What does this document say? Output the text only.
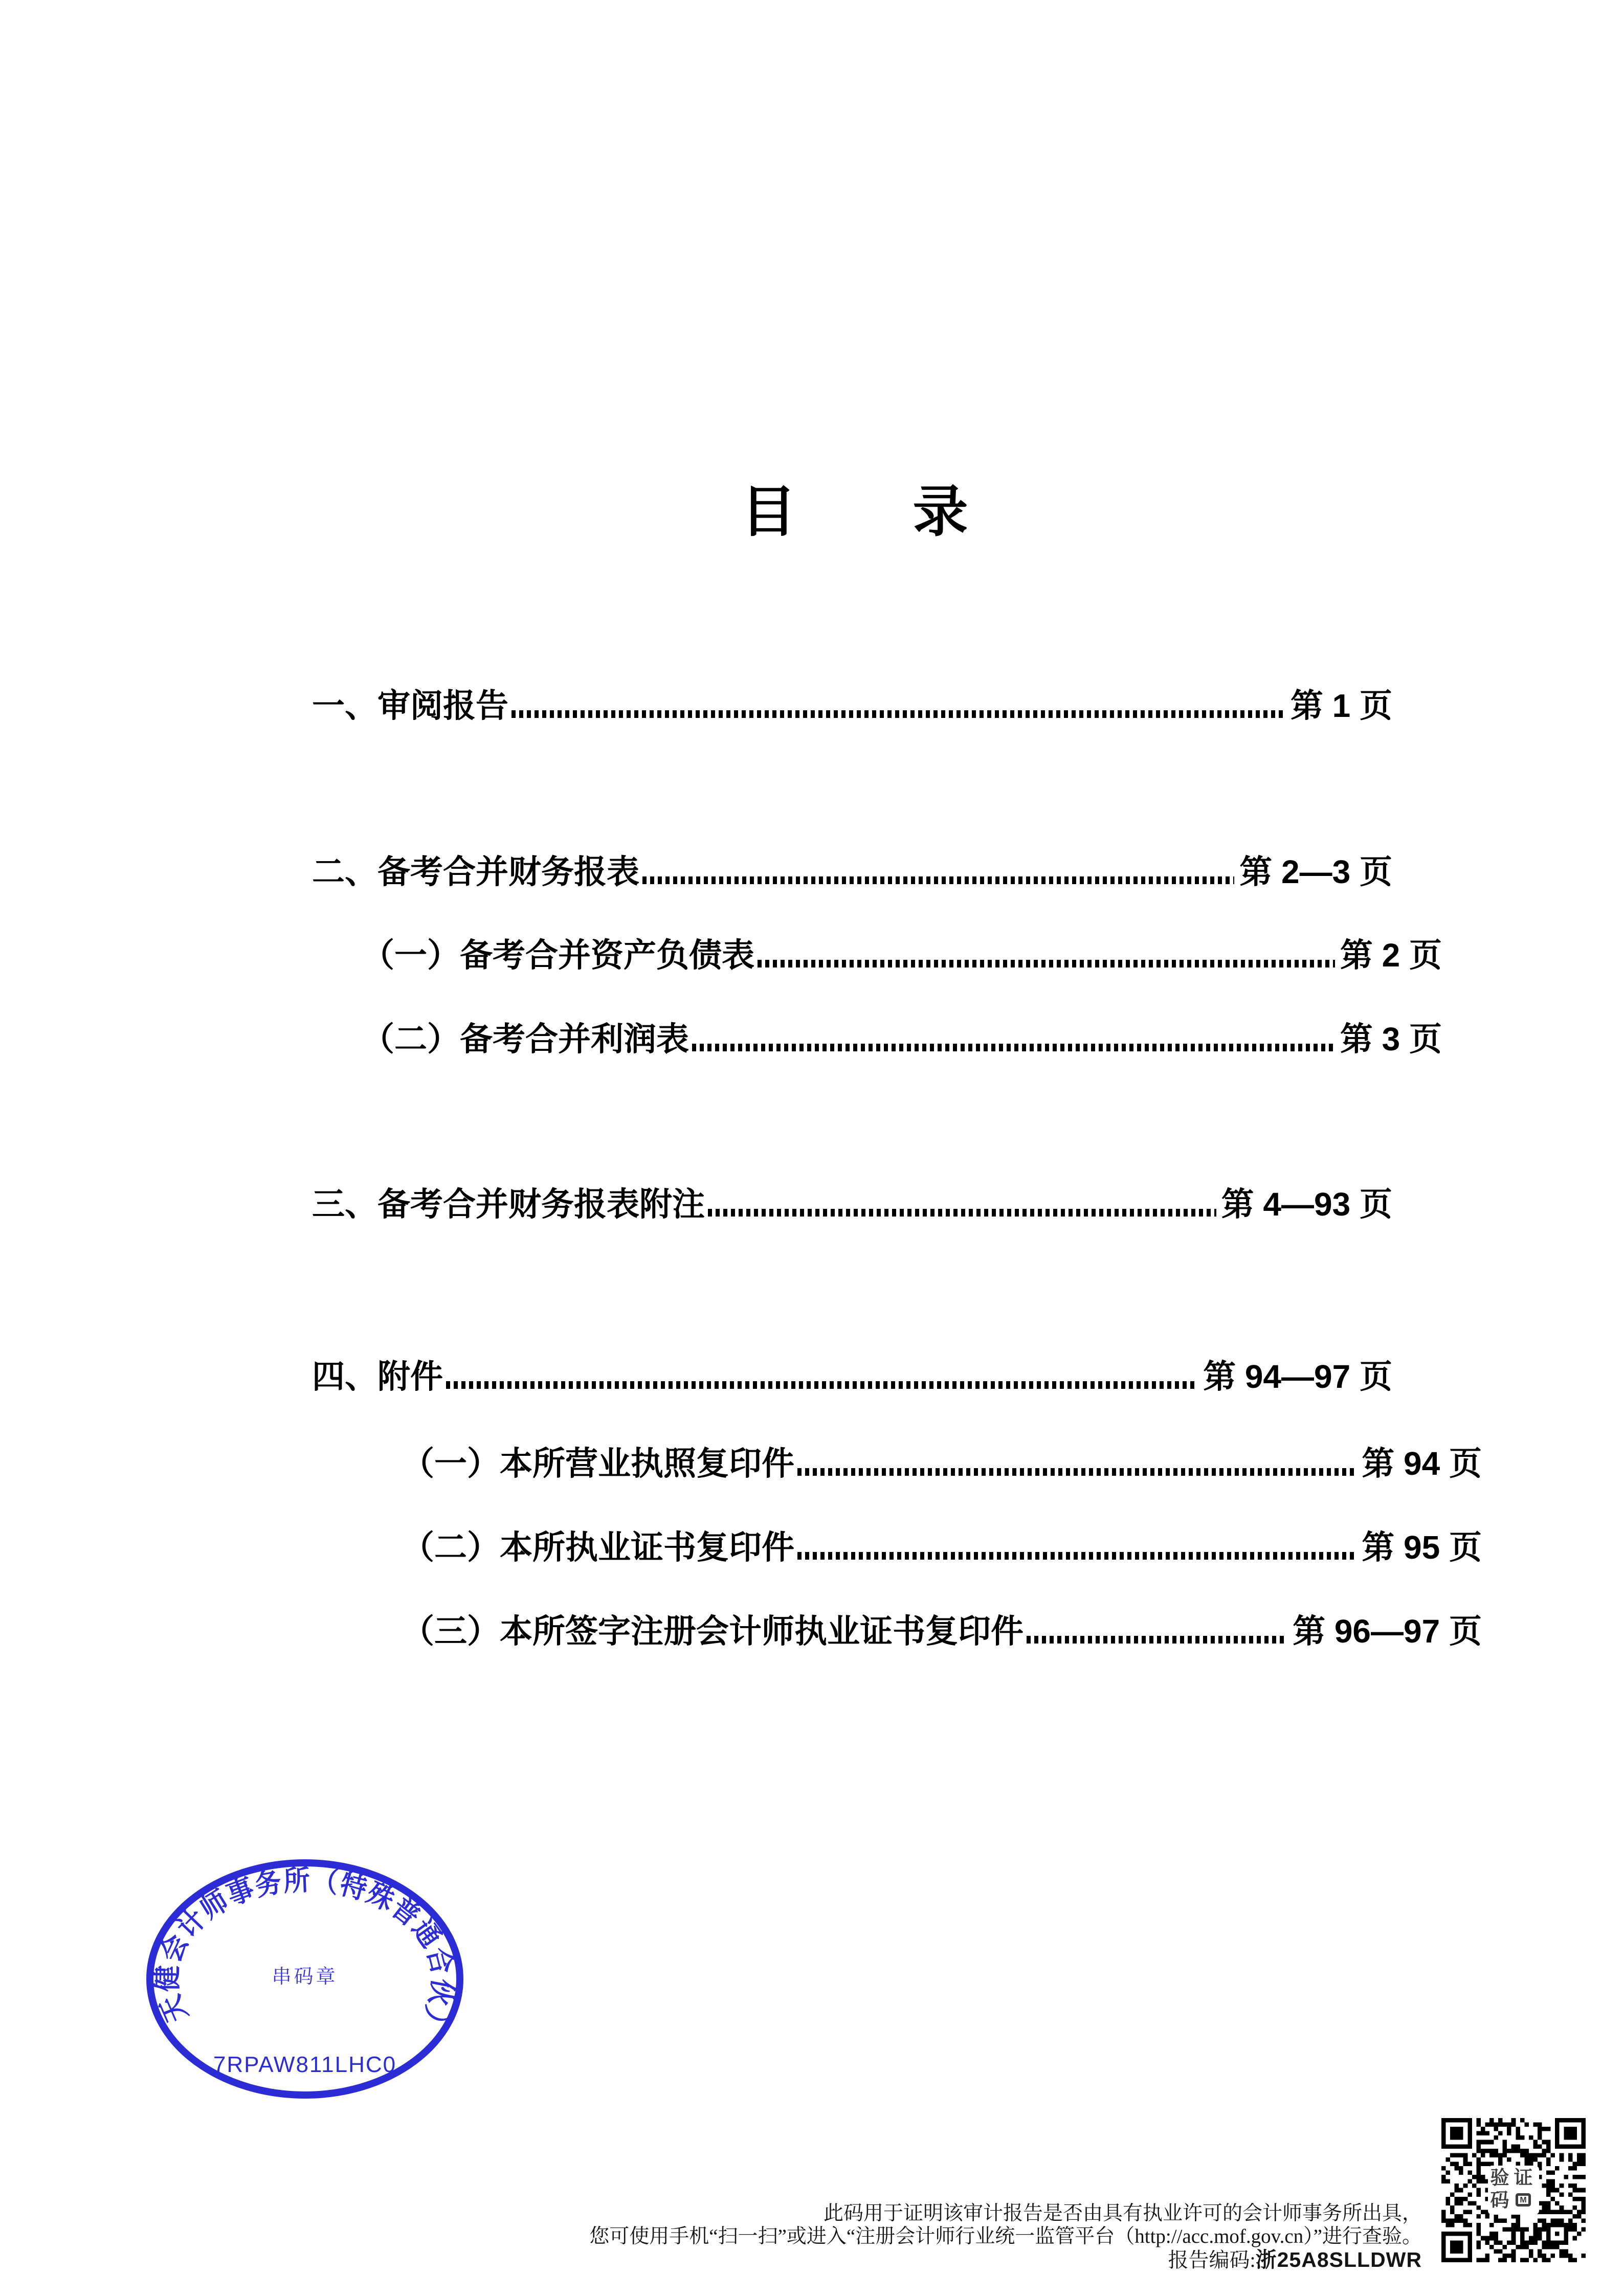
目　　录
一、审阅报告	第 1 页
二、备考合并财务报表	第 2—3 页
（一）备考合并资产负债表	第 2 页
（二）备考合并利润表	第 3 页
三、备考合并财务报表附注	第 4—93 页
四、附件	第 94—97 页
（一）本所营业执照复印件	第 94 页
（二）本所执业证书复印件	第 95 页
（三）本所签字注册会计师执业证书复印件	第 96—97 页
天健会计师事务所（特殊普通合伙）
串码章
7RPAW811LHC0
此码用于证明该审计报告是否由具有执业许可的会计师事务所出具，
您可使用手机“扫一扫”或进入“注册会计师行业统一监管平台（http://acc.mof.gov.cn）”进行查验。
报告编码:浙25A8SLLDWR
验 证
码	M
